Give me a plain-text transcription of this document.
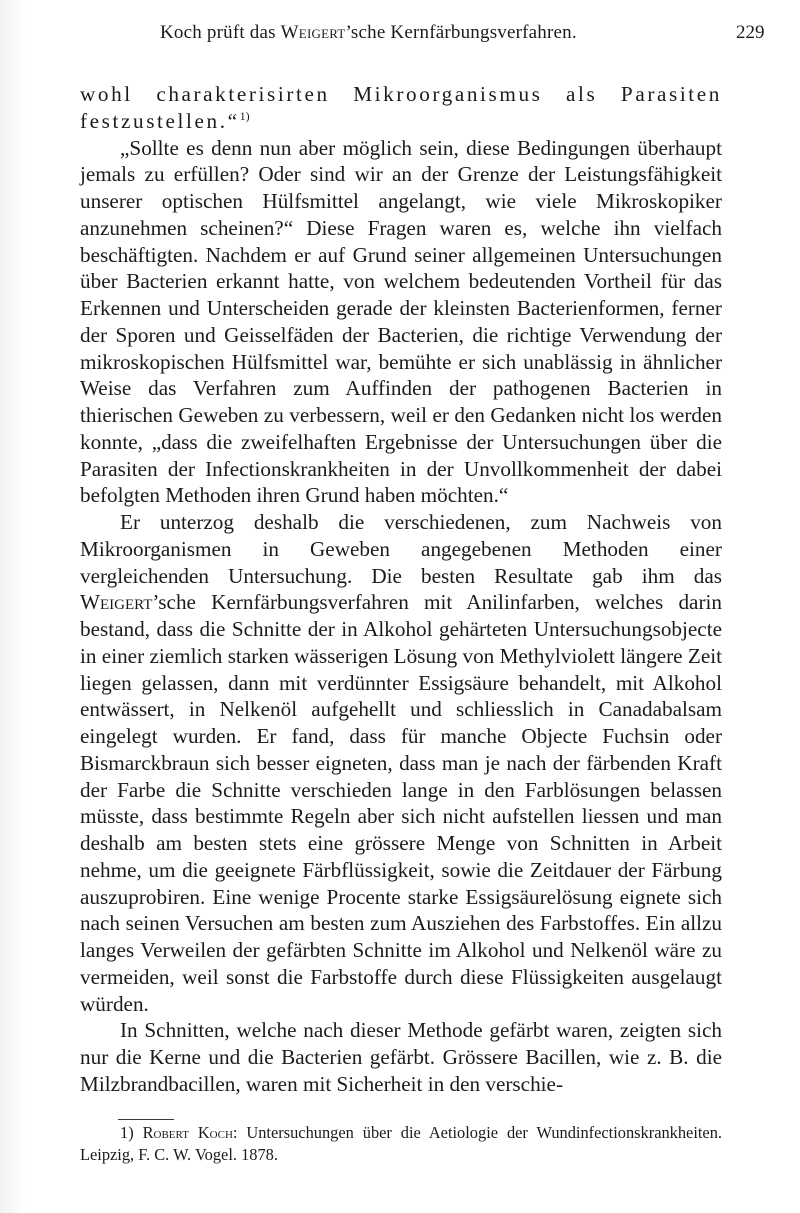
Koch prüft das Weigert’sche Kernfärbungsverfahren.	229

wohl charakterisirten Mikroorganismus als Parasiten festzustellen.“$^{1)}$

„Sollte es denn nun aber möglich sein, diese Bedingungen überhaupt jemals zu erfüllen? Oder sind wir an der Grenze der Leistungsfähigkeit unserer optischen Hülfsmittel angelangt, wie viele Mikroskopiker anzunehmen scheinen?“ Diese Fragen waren es, welche ihn vielfach beschäftigten. Nachdem er auf Grund seiner allgemeinen Untersuchungen über Bacterien erkannt hatte, von welchem bedeutenden Vortheil für das Erkennen und Unterscheiden gerade der kleinsten Bacterienformen, ferner der Sporen und Geisselfäden der Bacterien, die richtige Verwendung der mikroskopischen Hülfsmittel war, bemühte er sich unablässig in ähnlicher Weise das Verfahren zum Auffinden der pathogenen Bacterien in thierischen Geweben zu verbessern, weil er den Gedanken nicht los werden konnte, „dass die zweifelhaften Ergebnisse der Untersuchungen über die Parasiten der Infectionskrankheiten in der Unvollkommenheit der dabei befolgten Methoden ihren Grund haben möchten.“

Er unterzog deshalb die verschiedenen, zum Nachweis von Mikroorganismen in Geweben angegebenen Methoden einer vergleichenden Untersuchung. Die besten Resultate gab ihm das Weigert’sche Kernfärbungsverfahren mit Anilinfarben, welches darin bestand, dass die Schnitte der in Alkohol gehärteten Untersuchungsobjecte in einer ziemlich starken wässerigen Lösung von Methylviolett längere Zeit liegen gelassen, dann mit verdünnter Essigsäure behandelt, mit Alkohol entwässert, in Nelkenöl aufgehellt und schliesslich in Canadabalsam eingelegt wurden. Er fand, dass für manche Objecte Fuchsin oder Bismarckbraun sich besser eigneten, dass man je nach der färbenden Kraft der Farbe die Schnitte verschieden lange in den Farblösungen belassen müsste, dass bestimmte Regeln aber sich nicht aufstellen liessen und man deshalb am besten stets eine grössere Menge von Schnitten in Arbeit nehme, um die geeignete Färbflüssigkeit, sowie die Zeitdauer der Färbung auszuprobiren. Eine wenige Procente starke Essigsäurelösung eignete sich nach seinen Versuchen am besten zum Ausziehen des Farbstoffes. Ein allzu langes Verweilen der gefärbten Schnitte im Alkohol und Nelkenöl wäre zu vermeiden, weil sonst die Farbstoffe durch diese Flüssigkeiten ausgelaugt würden.

In Schnitten, welche nach dieser Methode gefärbt waren, zeigten sich nur die Kerne und die Bacterien gefärbt. Grössere Bacillen, wie z. B. die Milzbrandbacillen, waren mit Sicherheit in den verschie-

1) Robert Koch: Untersuchungen über die Aetiologie der Wundinfectionskrankheiten. Leipzig, F. C. W. Vogel. 1878.
